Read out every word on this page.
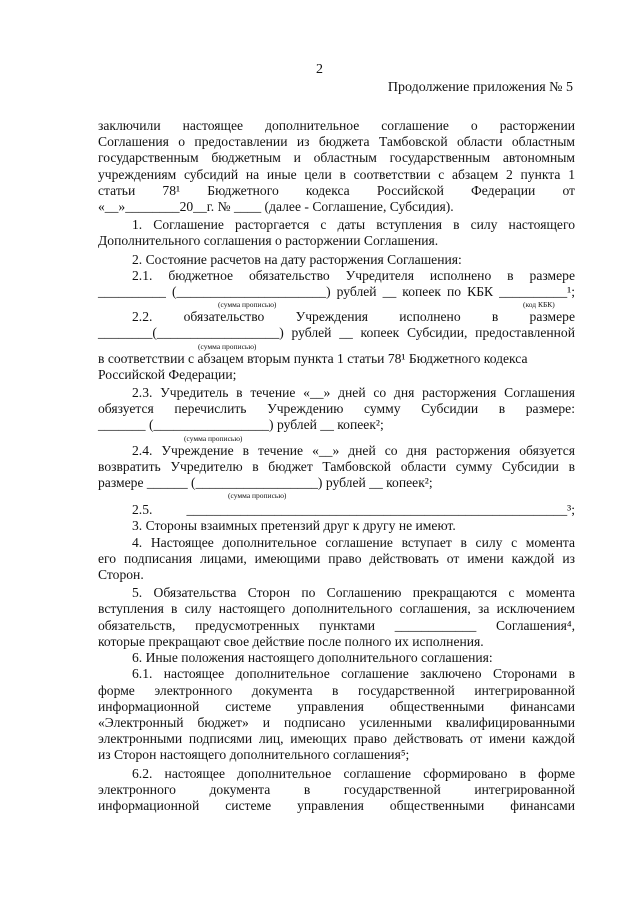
2
Продолжение приложения № 5
заключили настоящее дополнительное соглашение о расторжении
Соглашения о предоставлении из бюджета Тамбовской области областным
государственным бюджетным и областным государственным автономным
учреждениям субсидий на иные цели в соответствии с абзацем 2 пункта 1
статьи 78¹ Бюджетного кодекса Российской Федерации от
«__»________20__г. № ____ (далее - Соглашение, Субсидия).
1. Соглашение расторгается с даты вступления в силу настоящего
Дополнительного соглашения о расторжении Соглашения.
2. Состояние расчетов на дату расторжения Соглашения:
2.1. бюджетное обязательство Учредителя исполнено в размере
__________ (______________________) рублей __ копеек по КБК __________¹;
(сумма прописью)	(код КБК)
2.2. обязательство Учреждения исполнено в размере
________(__________________) рублей __ копеек Субсидии, предоставленной
(сумма прописью)
в соответствии с абзацем вторым пункта 1 статьи 78¹ Бюджетного кодекса
Российской Федерации;
2.3. Учредитель в течение «__» дней со дня расторжения Соглашения
обязуется перечислить Учреждению сумму Субсидии в размере:
_______ (_________________) рублей __ копеек²;
(сумма прописью)
2.4. Учреждение в течение «__» дней со дня расторжения обязуется
возвратить Учредителю в бюджет Тамбовской области сумму Субсидии в
размере ______ (__________________) рублей __ копеек²;
(сумма прописью)
2.5. ________________________________________________________³;
3. Стороны взаимных претензий друг к другу не имеют.
4. Настоящее дополнительное соглашение вступает в силу с момента
его подписания лицами, имеющими право действовать от имени каждой из
Сторон.
5. Обязательства Сторон по Соглашению прекращаются с момента
вступления в силу настоящего дополнительного соглашения, за исключением
обязательств, предусмотренных пунктами ____________ Соглашения⁴,
которые прекращают свое действие после полного их исполнения.
6. Иные положения настоящего дополнительного соглашения:
6.1. настоящее дополнительное соглашение заключено Сторонами в
форме электронного документа в государственной интегрированной
информационной системе управления общественными финансами
«Электронный бюджет» и подписано усиленными квалифицированными
электронными подписями лиц, имеющих право действовать от имени каждой
из Сторон настоящего дополнительного соглашения⁵;
6.2. настоящее дополнительное соглашение сформировано в форме
электронного документа в государственной интегрированной
информационной системе управления общественными финансами
